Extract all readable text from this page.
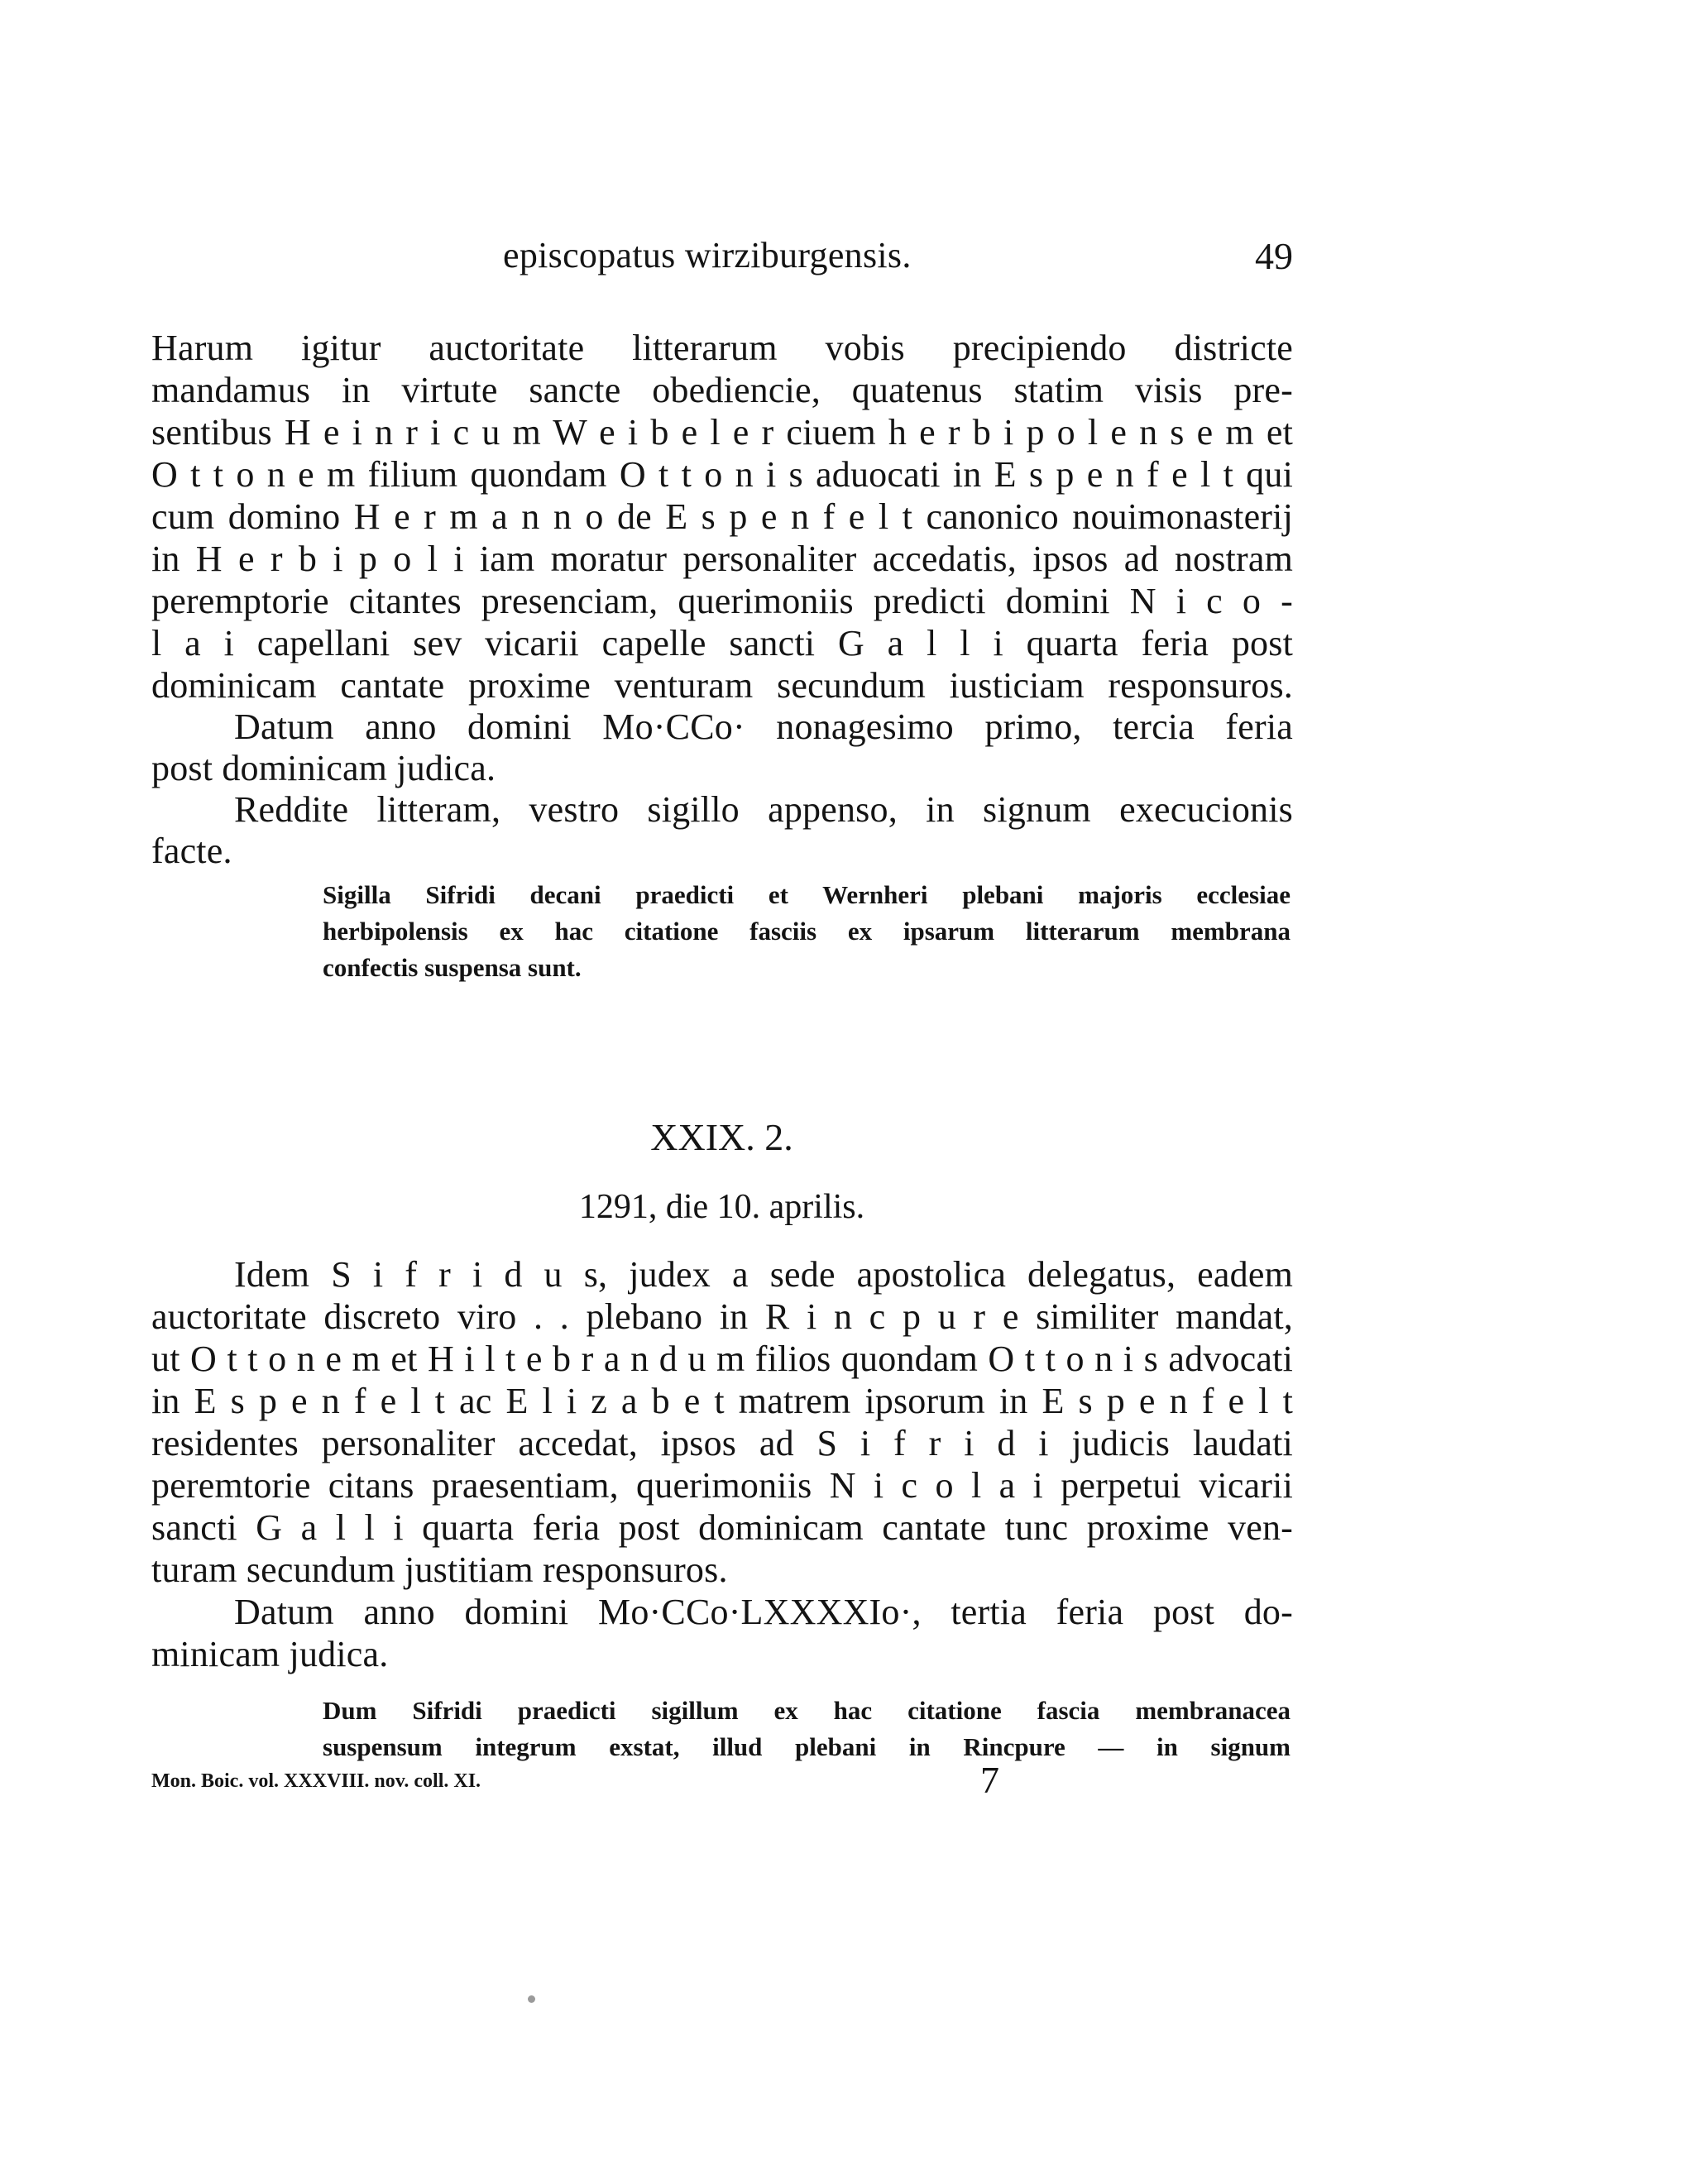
episcopatus wirziburgensis.	49
Harum igitur auctoritate litterarum vobis precipiendo districte
mandamus in virtute sancte obediencie, quatenus statim visis pre-
sentibus H e i n r i c u m W e i b e l e r ciuem h e r b i p o l e n s e m et
O t t o n e m filium quondam O t t o n i s aduocati in E s p e n f e l t qui
cum domino H e r m a n n o de E s p e n f e l t canonico nouimonasterij
in H e r b i p o l i iam moratur personaliter accedatis, ipsos ad nostram
peremptorie citantes presenciam, querimoniis predicti domini N i c o -
l a i capellani sev vicarii capelle sancti G a l l i quarta feria post
dominicam cantate proxime venturam secundum iusticiam responsuros.
Datum anno domini Mo·CCo· nonagesimo primo, tercia feria
post dominicam judica.
Reddite litteram, vestro sigillo appenso, in signum execucionis
facte.
Sigilla Sifridi decani praedicti et Wernheri plebani majoris ecclesiae
herbipolensis ex hac citatione fasciis ex ipsarum litterarum membrana
confectis suspensa sunt.
XXIX. 2.
1291, die 10. aprilis.
Idem S i f r i d u s, judex a sede apostolica delegatus, eadem
auctoritate discreto viro . . plebano in R i n c p u r e similiter mandat,
ut O t t o n e m et H i l t e b r a n d u m filios quondam O t t o n i s advocati
in E s p e n f e l t ac E l i z a b e t matrem ipsorum in E s p e n f e l t
residentes personaliter accedat, ipsos ad S i f r i d i judicis laudati
peremtorie citans praesentiam, querimoniis N i c o l a i perpetui vicarii
sancti G a l l i quarta feria post dominicam cantate tunc proxime ven-
turam secundum justitiam responsuros.
Datum anno domini Mo·CCo·LXXXXIo·, tertia feria post do-
minicam judica.
Dum Sifridi praedicti sigillum ex hac citatione fascia membranacea
suspensum integrum exstat, illud plebani in Rincpure — in signum
Mon. Boic. vol. XXXVIII. nov. coll. XI.	7
